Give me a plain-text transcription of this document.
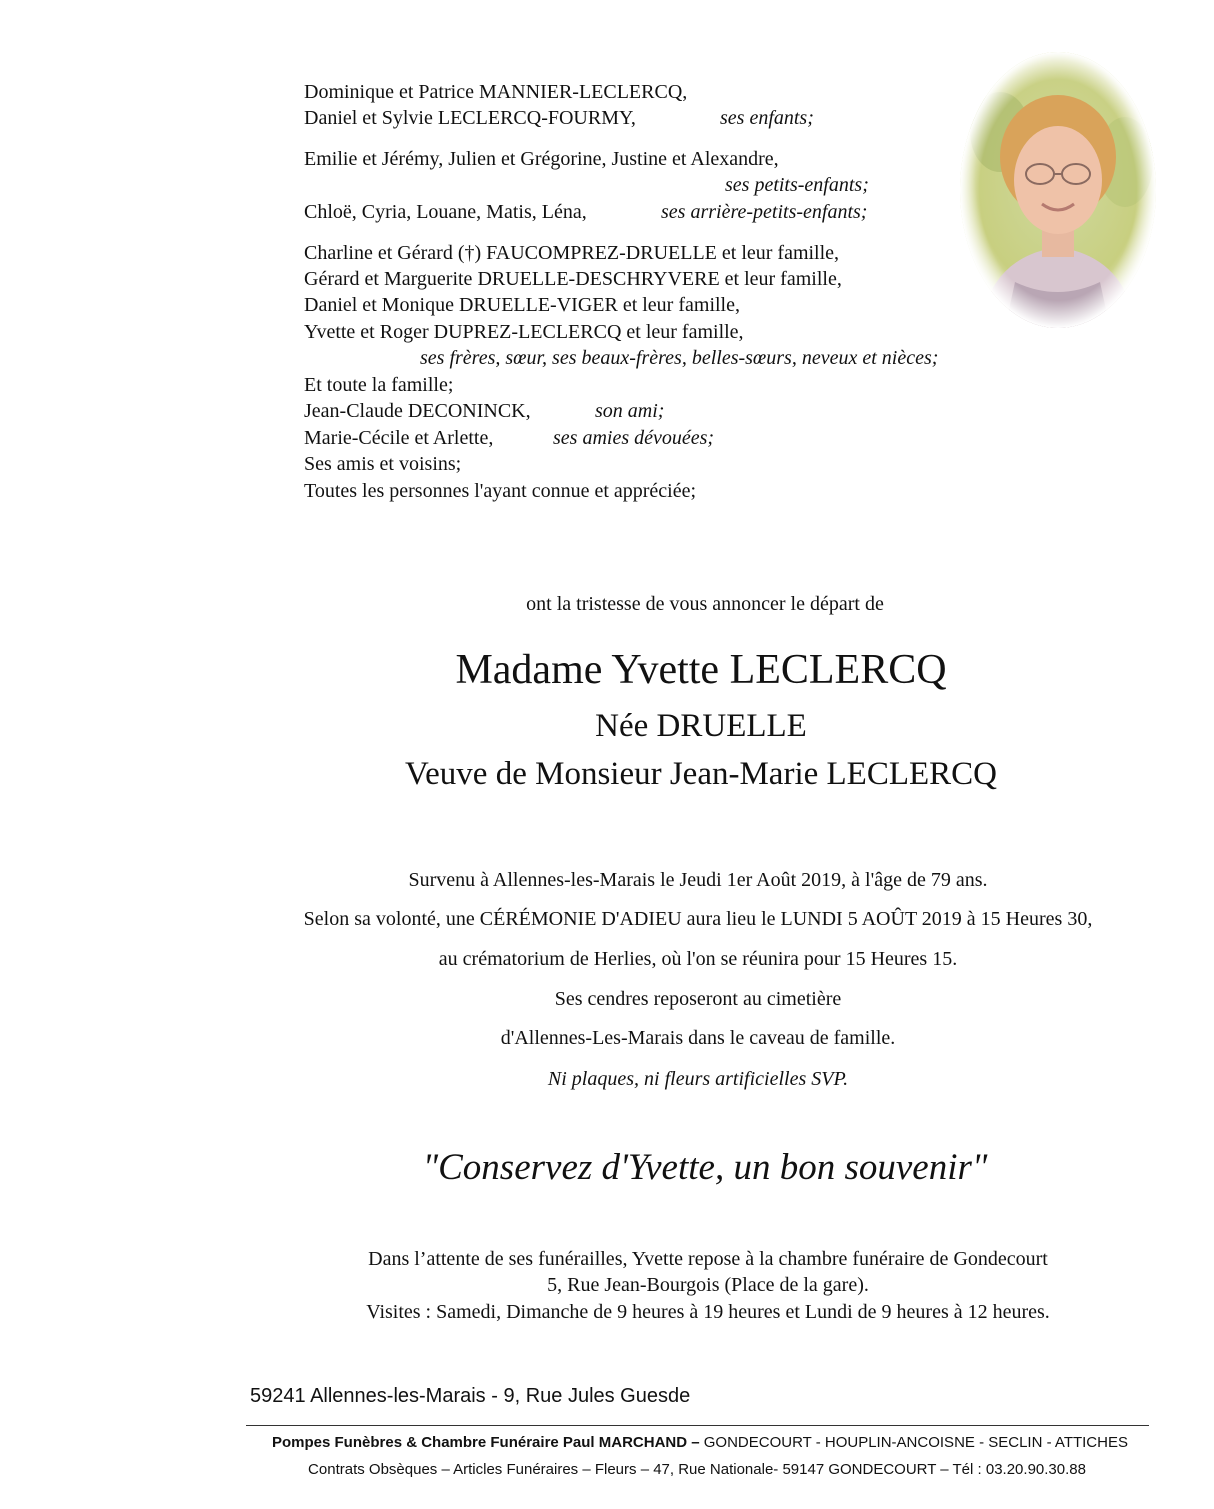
Dominique et Patrice MANNIER-LECLERCQ,
Daniel et Sylvie LECLERCQ-FOURMY,	ses enfants;
Emilie et Jérémy, Julien et Grégorine, Justine et Alexandre,
ses petits-enfants;
Chloë, Cyria, Louane, Matis, Léna,	ses arrière-petits-enfants;
Charline et Gérard (†) FAUCOMPREZ-DRUELLE et leur famille,
Gérard et Marguerite DRUELLE-DESCHRYVERE et leur famille,
Daniel et Monique DRUELLE-VIGER et leur famille,
Yvette et Roger DUPREZ-LECLERCQ et leur famille,
ses frères, sœur, ses beaux-frères, belles-sœurs, neveux et nièces;
Et toute la famille;
Jean-Claude DECONINCK,	son ami;
Marie-Cécile et Arlette,	ses amies dévouées;
Ses amis et voisins;
Toutes les personnes l'ayant connue et appréciée;
ont la tristesse de vous annoncer le départ de
Madame Yvette LECLERCQ
Née DRUELLE
Veuve de Monsieur Jean-Marie LECLERCQ
Survenu à Allennes-les-Marais le Jeudi 1er Août 2019, à l'âge de 79 ans.
Selon sa volonté, une CÉRÉMONIE D'ADIEU aura lieu le LUNDI 5 AOÛT 2019 à 15 Heures 30,
au crématorium de Herlies, où l'on se réunira pour 15 Heures 15.
Ses cendres reposeront au cimetière
d'Allennes-Les-Marais dans le caveau de famille.
Ni plaques, ni fleurs artificielles SVP.
"Conservez d'Yvette, un bon souvenir"
Dans l’attente de ses funérailles, Yvette repose à la chambre funéraire de Gondecourt
5, Rue Jean-Bourgois (Place de la gare).
Visites : Samedi, Dimanche de 9 heures à 19 heures et Lundi de 9 heures à 12 heures.
59241 Allennes-les-Marais - 9, Rue Jules Guesde
Pompes Funèbres & Chambre Funéraire Paul MARCHAND – GONDECOURT - HOUPLIN-ANCOISNE - SECLIN - ATTICHES
Contrats Obsèques – Articles Funéraires – Fleurs – 47, Rue Nationale- 59147 GONDECOURT – Tél : 03.20.90.30.88
